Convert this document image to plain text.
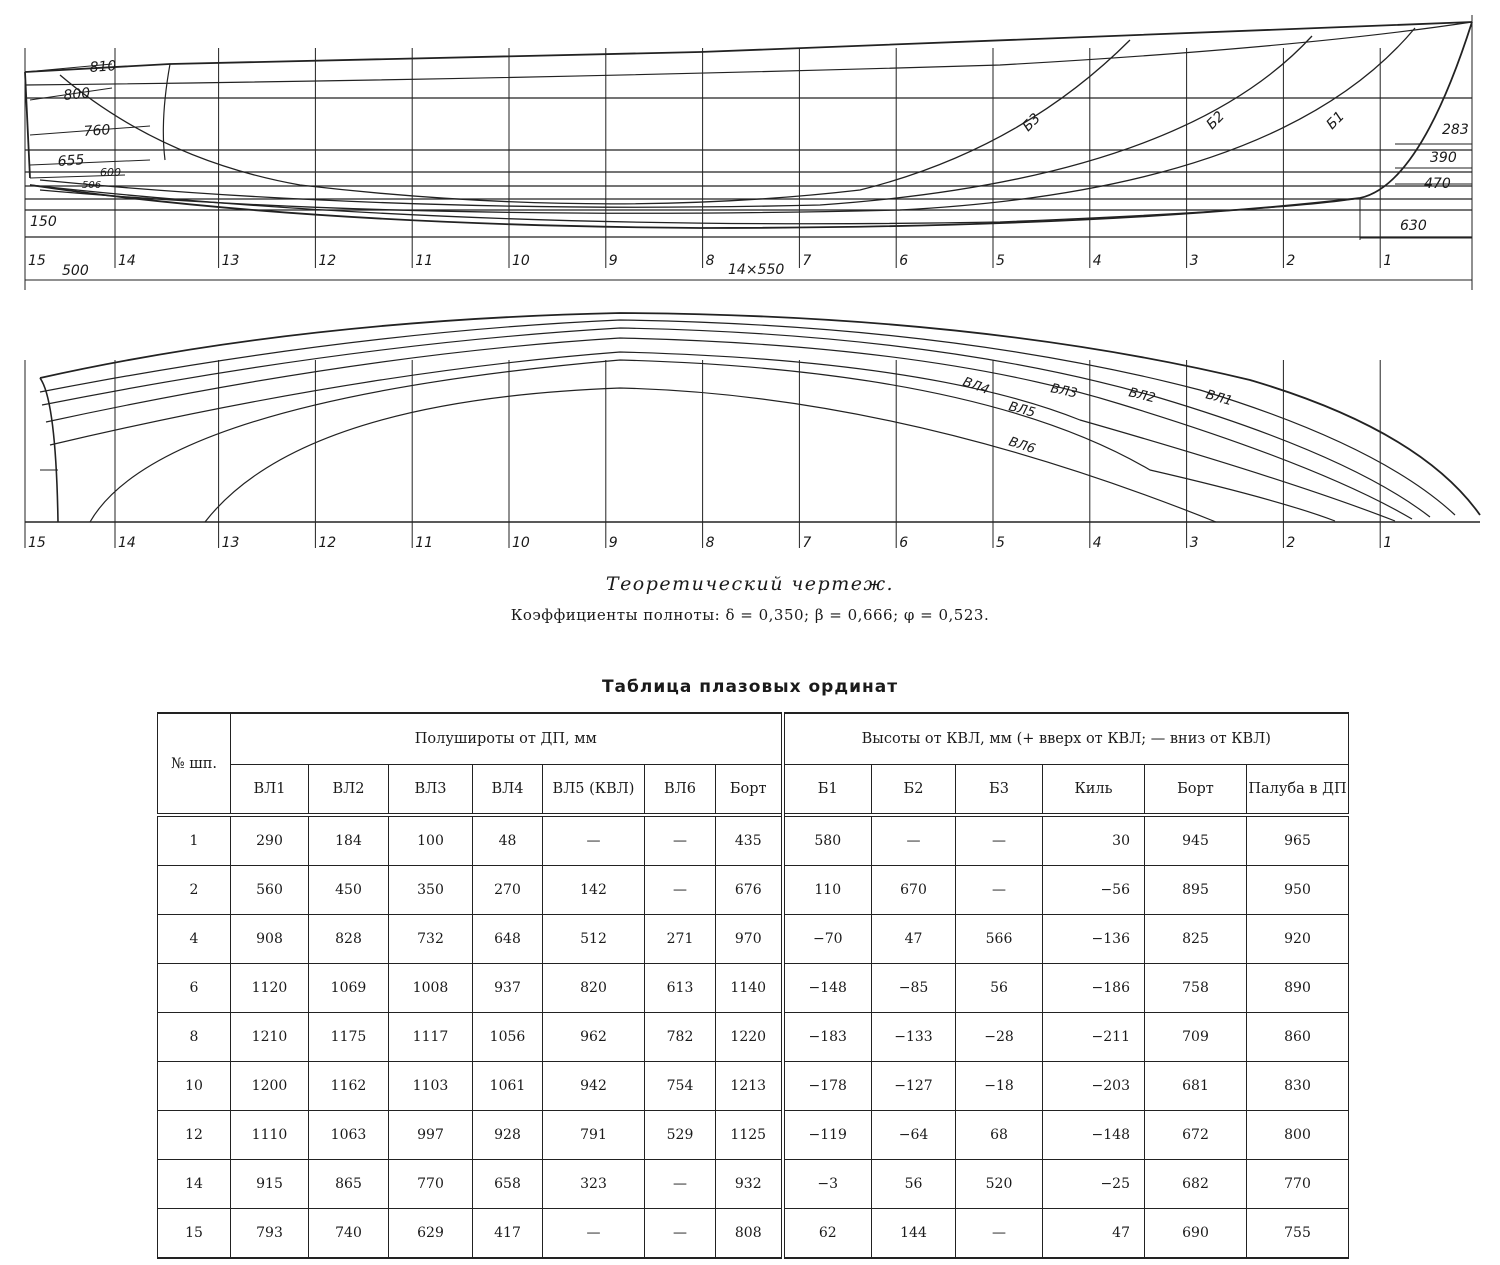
15	14	13	12	11	10	9	8	7	6	5	4	3	2	1
15	14	13	12	11	10	9	8	7	6	5	4	3	2	1
810
800
760
655
600
506
150
500	14×550
283
390
470
630
Б3	Б2	Б1
ВЛ4	ВЛ3	ВЛ2	ВЛ1
ВЛ5
ВЛ6
Теоретический чертеж.
Коэффициенты полноты: δ = 0,350; β = 0,666; φ = 0,523.
Таблица плазовых ординат
№ шп.	Полуширoты от ДП, мм							Высоты от КВЛ, мм (+ вверх от КВЛ; — вниз от КВЛ)					
	ВЛ1	ВЛ2	ВЛ3	ВЛ4	ВЛ5 (КВЛ)	ВЛ6	Борт	Б1	Б2	Б3	Киль	Борт	Палуба в ДП
1	290	184	100	48	—	—	435	580	—	—	30	945	965
2	560	450	350	270	142	—	676	110	670	—	−56	895	950
4	908	828	732	648	512	271	970	−70	47	566	−136	825	920
6	1120	1069	1008	937	820	613	1140	−148	−85	56	−186	758	890
8	1210	1175	1117	1056	962	782	1220	−183	−133	−28	−211	709	860
10	1200	1162	1103	1061	942	754	1213	−178	−127	−18	−203	681	830
12	1110	1063	997	928	791	529	1125	−119	−64	68	−148	672	800
14	915	865	770	658	323	—	932	−3	56	520	−25	682	770
15	793	740	629	417	—	—	808	62	144	—	47	690	755
